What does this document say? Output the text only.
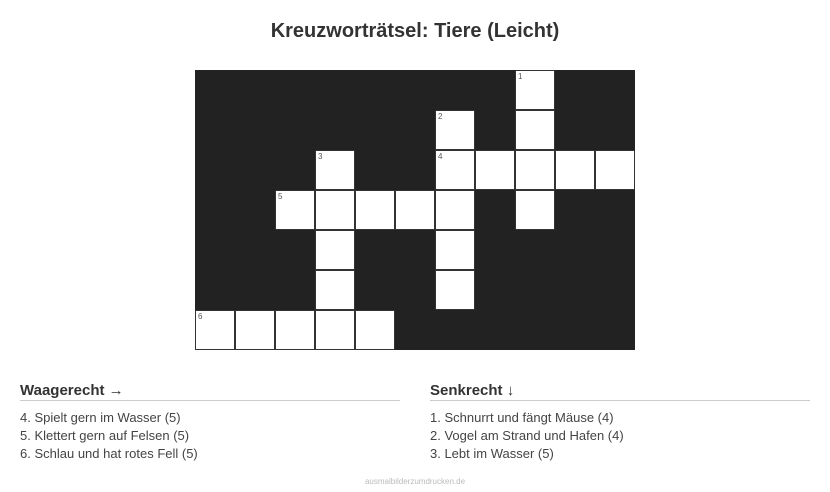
Kreuzworträtsel: Tiere (Leicht)
1
2
3	4
5
6
Waagerecht →
4. Spielt gern im Wasser (5)
5. Klettert gern auf Felsen (5)
6. Schlau und hat rotes Fell (5)
Senkrecht ↓
1. Schnurrt und fängt Mäuse (4)
2. Vogel am Strand und Hafen (4)
3. Lebt im Wasser (5)
ausmalbilderzumdrucken.de
